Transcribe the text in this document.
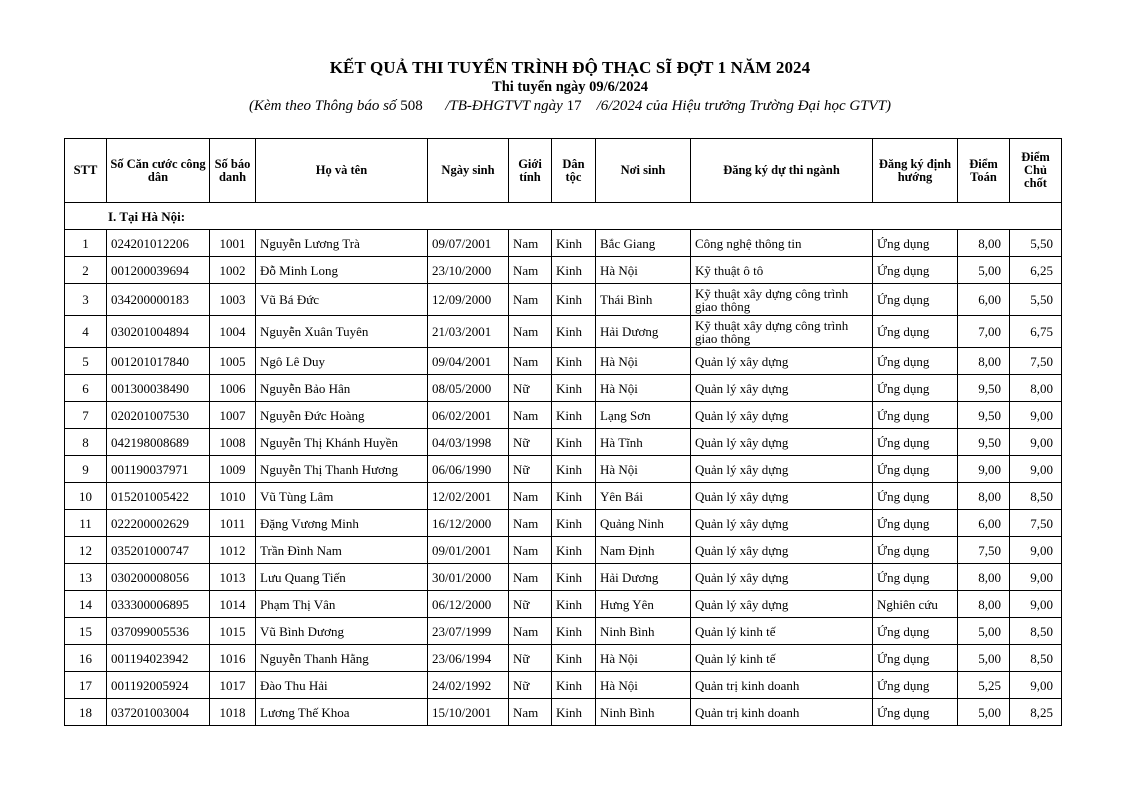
KẾT QUẢ THI TUYỂN TRÌNH ĐỘ THẠC SĨ ĐỢT 1 NĂM 2024
Thi tuyển ngày 09/6/2024
(Kèm theo Thông báo số 508      /TB-ĐHGTVT ngày 17    /6/2024 của Hiệu trưởng Trường Đại học GTVT)
STT	Số Căn cước công dân	Số báo danh	Họ và tên	Ngày sinh	Giới tính	Dân tộc	Nơi sinh	Đăng ký dự thi ngành	Đăng ký định hướng	Điểm Toán	Điểm Chủ chốt
I. Tại Hà Nội:											
1	024201012206	1001	Nguyễn Lương Trà	09/07/2001	Nam	Kinh	Bắc Giang	Công nghệ thông tin	Ứng dụng	8,00	5,50
2	001200039694	1002	Đỗ Minh Long	23/10/2000	Nam	Kinh	Hà Nội	Kỹ thuật ô tô	Ứng dụng	5,00	6,25
3	034200000183	1003	Vũ Bá Đức	12/09/2000	Nam	Kinh	Thái Bình	Kỹ thuật xây dựng công trình giao thông	Ứng dụng	6,00	5,50
4	030201004894	1004	Nguyễn Xuân Tuyên	21/03/2001	Nam	Kinh	Hải Dương	Kỹ thuật xây dựng công trình giao thông	Ứng dụng	7,00	6,75
5	001201017840	1005	Ngô Lê Duy	09/04/2001	Nam	Kinh	Hà Nội	Quản lý xây dựng	Ứng dụng	8,00	7,50
6	001300038490	1006	Nguyễn Bảo Hân	08/05/2000	Nữ	Kinh	Hà Nội	Quản lý xây dựng	Ứng dụng	9,50	8,00
7	020201007530	1007	Nguyễn Đức Hoàng	06/02/2001	Nam	Kinh	Lạng Sơn	Quản lý xây dựng	Ứng dụng	9,50	9,00
8	042198008689	1008	Nguyễn Thị Khánh Huyền	04/03/1998	Nữ	Kinh	Hà Tĩnh	Quản lý xây dựng	Ứng dụng	9,50	9,00
9	001190037971	1009	Nguyễn Thị Thanh Hương	06/06/1990	Nữ	Kinh	Hà Nội	Quản lý xây dựng	Ứng dụng	9,00	9,00
10	015201005422	1010	Vũ Tùng Lâm	12/02/2001	Nam	Kinh	Yên Bái	Quản lý xây dựng	Ứng dụng	8,00	8,50
11	022200002629	1011	Đặng Vương Minh	16/12/2000	Nam	Kinh	Quảng Ninh	Quản lý xây dựng	Ứng dụng	6,00	7,50
12	035201000747	1012	Trần Đình Nam	09/01/2001	Nam	Kinh	Nam Định	Quản lý xây dựng	Ứng dụng	7,50	9,00
13	030200008056	1013	Lưu Quang Tiến	30/01/2000	Nam	Kinh	Hải Dương	Quản lý xây dựng	Ứng dụng	8,00	9,00
14	033300006895	1014	Phạm Thị Vân	06/12/2000	Nữ	Kinh	Hưng Yên	Quản lý xây dựng	Nghiên cứu	8,00	9,00
15	037099005536	1015	Vũ Bình Dương	23/07/1999	Nam	Kinh	Ninh Bình	Quản lý kinh tế	Ứng dụng	5,00	8,50
16	001194023942	1016	Nguyễn Thanh Hằng	23/06/1994	Nữ	Kinh	Hà Nội	Quản lý kinh tế	Ứng dụng	5,00	8,50
17	001192005924	1017	Đào Thu Hải	24/02/1992	Nữ	Kinh	Hà Nội	Quản trị kinh doanh	Ứng dụng	5,25	9,00
18	037201003004	1018	Lương Thế Khoa	15/10/2001	Nam	Kinh	Ninh Bình	Quản trị kinh doanh	Ứng dụng	5,00	8,25
